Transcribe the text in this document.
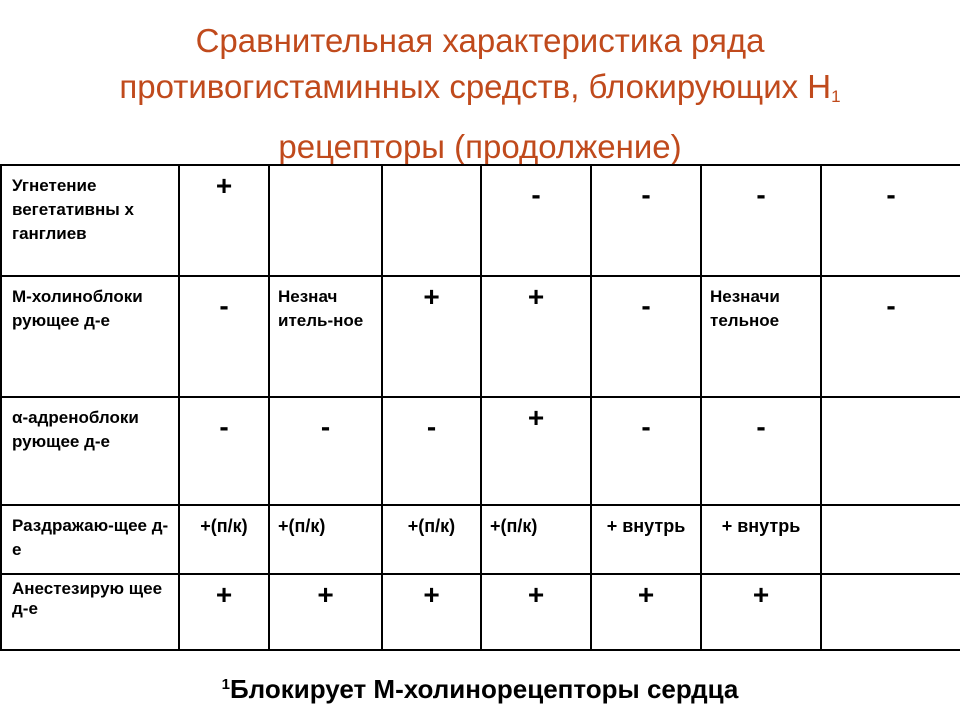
Сравнительная характеристика ряда
противогистаминных средств, блокирующих $Н_1$
рецепторы (продолжение)
Угнетение вегетативны х ганглиев	+			-	-	-	-
М-холиноблоки рующее д-е	-	Незнач итель-ное	+	+	-	Незначи тельное	-
α-адреноблоки рующее д-е	-	-	-	+	-	-	
Раздражаю-щее д-е	+(п/к)	+(п/к)	+(п/к)	+(п/к)	+ внутрь	+ внутрь	
Анестезирую щее д-е	+	+	+	+	+	+	
$^1$Блокирует М-холинорецепторы сердца
